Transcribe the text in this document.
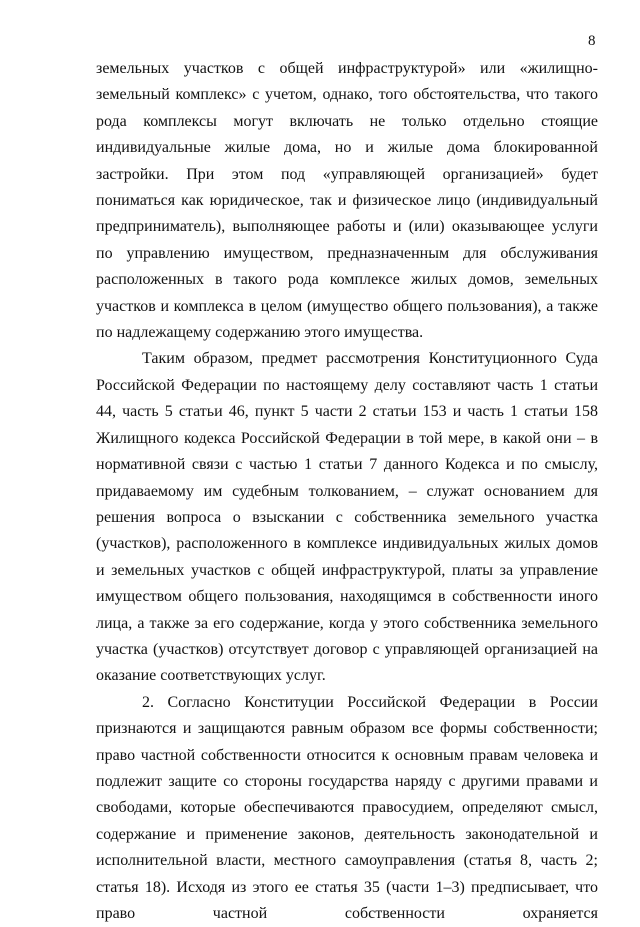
8

земельных участков с общей инфраструктурой» или «жилищно-земельный комплекс» с учетом, однако, того обстоятельства, что такого рода комплексы могут включать не только отдельно стоящие индивидуальные жилые дома, но и жилые дома блокированной застройки. При этом под «управляющей организацией» будет пониматься как юридическое, так и физическое лицо (индивидуальный предприниматель), выполняющее работы и (или) оказывающее услуги по управлению имуществом, предназначенным для обслуживания расположенных в такого рода комплексе жилых домов, земельных участков и комплекса в целом (имущество общего пользования), а также по надлежащему содержанию этого имущества.

Таким образом, предмет рассмотрения Конституционного Суда Российской Федерации по настоящему делу составляют часть 1 статьи 44, часть 5 статьи 46, пункт 5 части 2 статьи 153 и часть 1 статьи 158 Жилищного кодекса Российской Федерации в той мере, в какой они – в нормативной связи с частью 1 статьи 7 данного Кодекса и по смыслу, придаваемому им судебным толкованием, – служат основанием для решения вопроса о взыскании с собственника земельного участка (участков), расположенного в комплексе индивидуальных жилых домов и земельных участков с общей инфраструктурой, платы за управление имуществом общего пользования, находящимся в собственности иного лица, а также за его содержание, когда у этого собственника земельного участка (участков) отсутствует договор с управляющей организацией на оказание соответствующих услуг.

2. Согласно Конституции Российской Федерации в России признаются и защищаются равным образом все формы собственности; право частной собственности относится к основным правам человека и подлежит защите со стороны государства наряду с другими правами и свободами, которые обеспечиваются правосудием, определяют смысл, содержание и применение законов, деятельность законодательной и исполнительной власти, местного самоуправления (статья 8, часть 2; статья 18). Исходя из этого ее статья 35 (части 1–3) предписывает, что право частной собственности охраняется
